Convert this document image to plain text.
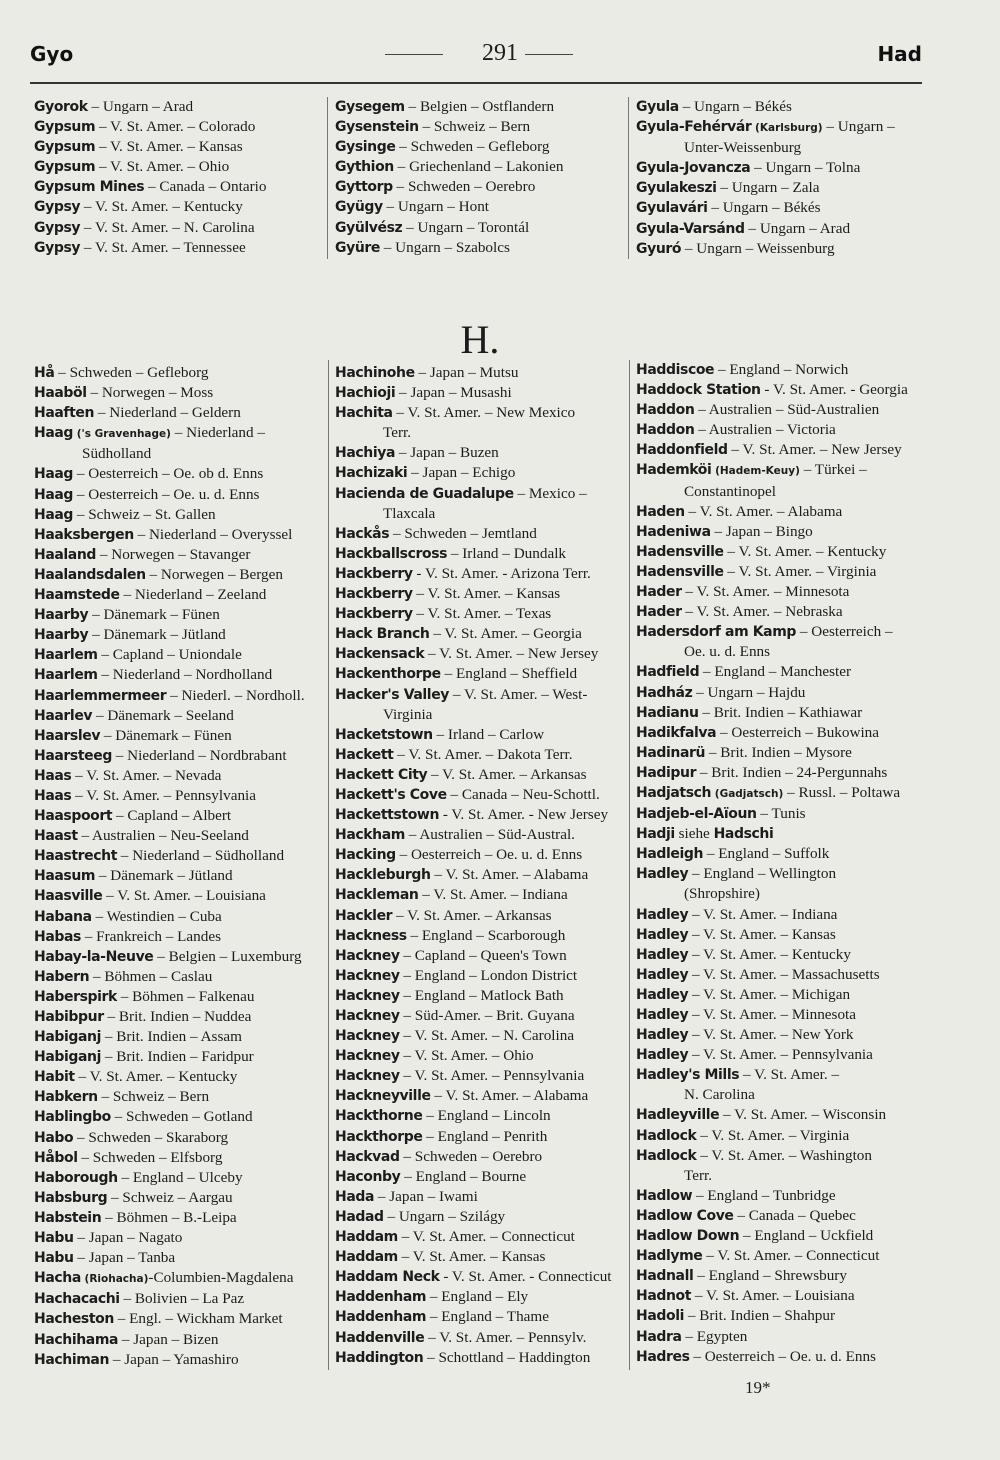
Gyo	291	Had
Gyorok – Ungarn – Arad
Gypsum – V. St. Amer. – Colorado
Gypsum – V. St. Amer. – Kansas
Gypsum – V. St. Amer. – Ohio
Gypsum Mines – Canada – Ontario
Gypsy – V. St. Amer. – Kentucky
Gypsy – V. St. Amer. – N. Carolina
Gypsy – V. St. Amer. – Tennessee
Gysegem – Belgien – Ostflandern
Gysenstein – Schweiz – Bern
Gysinge – Schweden – Gefleborg
Gythion – Griechenland – Lakonien
Gyttorp – Schweden – Oerebro
Gyügy – Ungarn – Hont
Gyülvész – Ungarn – Torontál
Gyüre – Ungarn – Szabolcs
Gyula – Ungarn – Békés
Gyula-Fehérvár (Karlsburg) – Ungarn –
Unter-Weissenburg
Gyula-Jovancza – Ungarn – Tolna
Gyulakeszi – Ungarn – Zala
Gyulavári – Ungarn – Békés
Gyula-Varsánd – Ungarn – Arad
Gyuró – Ungarn – Weissenburg
H.
Hå – Schweden – Gefleborg
Haaböl – Norwegen – Moss
Haaften – Niederland – Geldern
Haag ('s Gravenhage) – Niederland –
Südholland
Haag – Oesterreich – Oe. ob d. Enns
Haag – Oesterreich – Oe. u. d. Enns
Haag – Schweiz – St. Gallen
Haaksbergen – Niederland – Overyssel
Haaland – Norwegen – Stavanger
Haalandsdalen – Norwegen – Bergen
Haamstede – Niederland – Zeeland
Haarby – Dänemark – Fünen
Haarby – Dänemark – Jütland
Haarlem – Capland – Uniondale
Haarlem – Niederland – Nordholland
Haarlemmermeer – Niederl. – Nordholl.
Haarlev – Dänemark – Seeland
Haarslev – Dänemark – Fünen
Haarsteeg – Niederland – Nordbrabant
Haas – V. St. Amer. – Nevada
Haas – V. St. Amer. – Pennsylvania
Haaspoort – Capland – Albert
Haast – Australien – Neu-Seeland
Haastrecht – Niederland – Südholland
Haasum – Dänemark – Jütland
Haasville – V. St. Amer. – Louisiana
Habana – Westindien – Cuba
Habas – Frankreich – Landes
Habay-la-Neuve – Belgien – Luxemburg
Habern – Böhmen – Caslau
Haberspirk – Böhmen – Falkenau
Habibpur – Brit. Indien – Nuddea
Habiganj – Brit. Indien – Assam
Habiganj – Brit. Indien – Faridpur
Habit – V. St. Amer. – Kentucky
Habkern – Schweiz – Bern
Hablingbo – Schweden – Gotland
Habo – Schweden – Skaraborg
Håbol – Schweden – Elfsborg
Haborough – England – Ulceby
Habsburg – Schweiz – Aargau
Habstein – Böhmen – B.-Leipa
Habu – Japan – Nagato
Habu – Japan – Tanba
Hacha (Riohacha)-Columbien-Magdalena
Hachacachi – Bolivien – La Paz
Hacheston – Engl. – Wickham Market
Hachihama – Japan – Bizen
Hachiman – Japan – Yamashiro
Hachinohe – Japan – Mutsu
Hachioji – Japan – Musashi
Hachita – V. St. Amer. – New Mexico
Terr.
Hachiya – Japan – Buzen
Hachizaki – Japan – Echigo
Hacienda de Guadalupe – Mexico –
Tlaxcala
Hackås – Schweden – Jemtland
Hackballscross – Irland – Dundalk
Hackberry - V. St. Amer. - Arizona Terr.
Hackberry – V. St. Amer. – Kansas
Hackberry – V. St. Amer. – Texas
Hack Branch – V. St. Amer. – Georgia
Hackensack – V. St. Amer. – New Jersey
Hackenthorpe – England – Sheffield
Hacker's Valley – V. St. Amer. – West-
Virginia
Hacketstown – Irland – Carlow
Hackett – V. St. Amer. – Dakota Terr.
Hackett City – V. St. Amer. – Arkansas
Hackett's Cove – Canada – Neu-Schottl.
Hackettstown - V. St. Amer. - New Jersey
Hackham – Australien – Süd-Austral.
Hacking – Oesterreich – Oe. u. d. Enns
Hackleburgh – V. St. Amer. – Alabama
Hackleman – V. St. Amer. – Indiana
Hackler – V. St. Amer. – Arkansas
Hackness – England – Scarborough
Hackney – Capland – Queen's Town
Hackney – England – London District
Hackney – England – Matlock Bath
Hackney – Süd-Amer. – Brit. Guyana
Hackney – V. St. Amer. – N. Carolina
Hackney – V. St. Amer. – Ohio
Hackney – V. St. Amer. – Pennsylvania
Hackneyville – V. St. Amer. – Alabama
Hackthorne – England – Lincoln
Hackthorpe – England – Penrith
Hackvad – Schweden – Oerebro
Haconby – England – Bourne
Hada – Japan – Iwami
Hadad – Ungarn – Szilágy
Haddam – V. St. Amer. – Connecticut
Haddam – V. St. Amer. – Kansas
Haddam Neck - V. St. Amer. - Connecticut
Haddenham – England – Ely
Haddenham – England – Thame
Haddenville – V. St. Amer. – Pennsylv.
Haddington – Schottland – Haddington
Haddiscoe – England – Norwich
Haddock Station - V. St. Amer. - Georgia
Haddon – Australien – Süd-Australien
Haddon – Australien – Victoria
Haddonfield – V. St. Amer. – New Jersey
Hademköi (Hadem-Keuy) – Türkei –
Constantinopel
Haden – V. St. Amer. – Alabama
Hadeniwa – Japan – Bingo
Hadensville – V. St. Amer. – Kentucky
Hadensville – V. St. Amer. – Virginia
Hader – V. St. Amer. – Minnesota
Hader – V. St. Amer. – Nebraska
Hadersdorf am Kamp – Oesterreich –
Oe. u. d. Enns
Hadfield – England – Manchester
Hadház – Ungarn – Hajdu
Hadianu – Brit. Indien – Kathiawar
Hadikfalva – Oesterreich – Bukowina
Hadinarü – Brit. Indien – Mysore
Hadipur – Brit. Indien – 24-Pergunnahs
Hadjatsch (Gadjatsch) – Russl. – Poltawa
Hadjeb-el-Aïoun – Tunis
Hadji siehe Hadschi
Hadleigh – England – Suffolk
Hadley – England – Wellington
(Shropshire)
Hadley – V. St. Amer. – Indiana
Hadley – V. St. Amer. – Kansas
Hadley – V. St. Amer. – Kentucky
Hadley – V. St. Amer. – Massachusetts
Hadley – V. St. Amer. – Michigan
Hadley – V. St. Amer. – Minnesota
Hadley – V. St. Amer. – New York
Hadley – V. St. Amer. – Pennsylvania
Hadley's Mills – V. St. Amer. –
N. Carolina
Hadleyville – V. St. Amer. – Wisconsin
Hadlock – V. St. Amer. – Virginia
Hadlock – V. St. Amer. – Washington
Terr.
Hadlow – England – Tunbridge
Hadlow Cove – Canada – Quebec
Hadlow Down – England – Uckfield
Hadlyme – V. St. Amer. – Connecticut
Hadnall – England – Shrewsbury
Hadnot – V. St. Amer. – Louisiana
Hadoli – Brit. Indien – Shahpur
Hadra – Egypten
Hadres – Oesterreich – Oe. u. d. Enns
19*
